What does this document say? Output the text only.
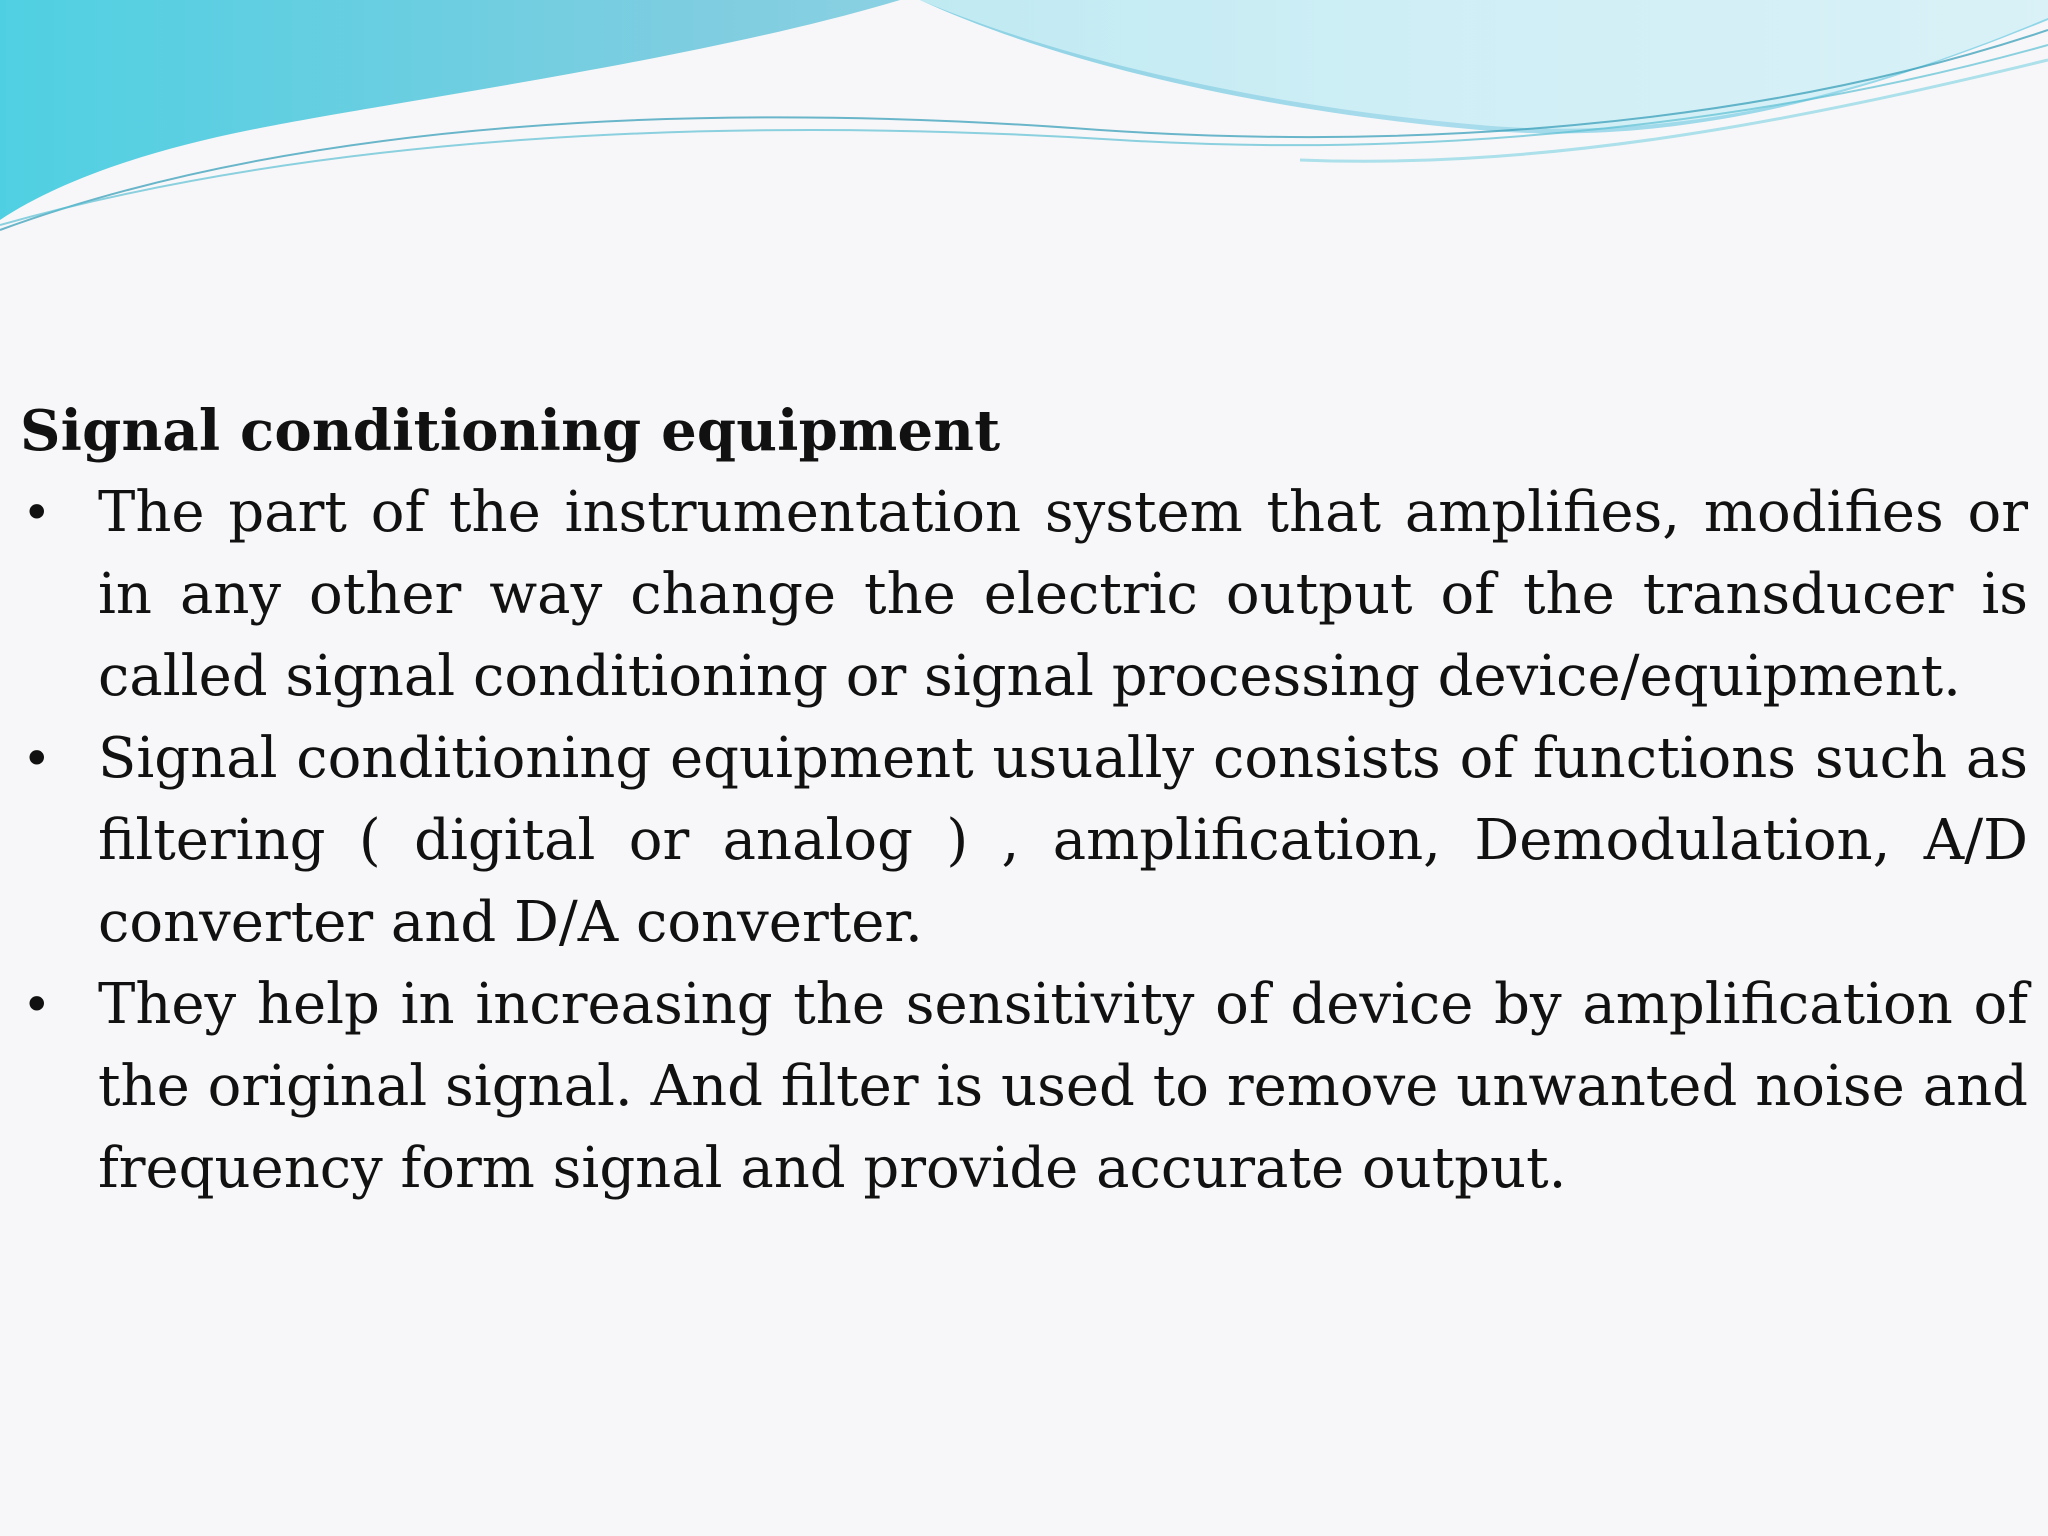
Signal conditioning equipment
• The part of the instrumentation system that amplifies, modifies or in any other way change the electric output of the transducer is called signal conditioning or signal processing device/equipment.
• Signal conditioning equipment usually consists of functions such as filtering ( digital or analog ) , amplification, Demodulation, A/D converter and D/A converter.
• They help in increasing the sensitivity of device by amplification of the original signal. And filter is used to remove unwanted noise and frequency form signal and provide accurate output.
